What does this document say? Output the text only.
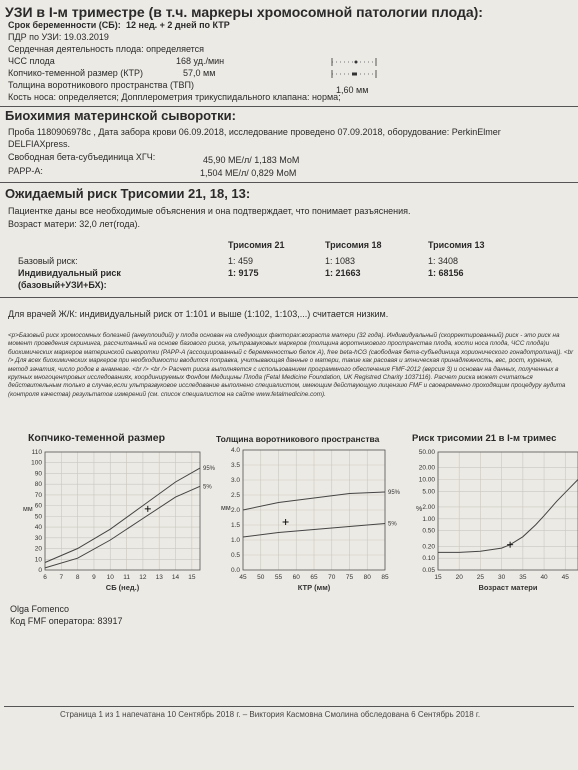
УЗИ в I-м триместре (в т.ч. маркеры хромосомной патологии плода):
Срок беременности (СБ): 12 нед. + 2 дней по КТР
ПДР по УЗИ: 19.03.2019
Сердечная деятельность плода: определяется
ЧСС плода	168 уд./мин
Копчико-теменной размер (КТР)	57,0 мм
Толщина воротникового пространства (ТВП)	1,60 мм
Кость носа: определяется; Допплерометрия трикуспидального клапана: норма;
Биохимия материнской сыворотки:
Проба 1180906978с , Дата забора крови 06.09.2018, исследование проведено 07.09.2018, оборудование: PerkinElmer
DELFIAXpress.
Свободная бета-субъединица ХГЧ:	45,90 МЕ/л/ 1,183 МоМ
PAPP-A:	1,504 МЕ/л/ 0,829 МоМ
Ожидаемый риск Трисомии 21, 18, 13:
Пациентке даны все необходимые объяснения и она подтверждает, что понимает разъяснения.
Возраст матери: 32,0 лет(года).
Трисомия 21	Трисомия 18	Трисомия 13
Базовый риск:	1: 459	1: 1083	1: 3408
Индивидуальный риск	1: 9175	1: 21663	1: 68156
(базовый+УЗИ+БХ):
Для врачей Ж/К: индивидуальный риск от 1:101 и выше (1:102, 1:103,...) считается низким.
<p>Базовый риск хромосомных болезней (анеуплоидий) у плода основан на следующих факторах:возраста матери (32 года). Индивидуальный (скорректированный) риск - это риск на момент проведения скрининга, рассчитанный на основе базового риска, ультразвуковых маркеров (толщина воротникового пространства плода, кости носа плода, ЧСС плода)и биохимических маркеров материнской сыворотки (PAPP-A (ассоциированный с беременностью белок А), free beta-hCG (свободная бета-субъединица хорионического гонадотропина)). <br /> Для всех биохимических маркеров при необходимости вводится поправка, учитывающая данные о матери, такие как расовая и этническая принадлежность, вес, рост, курение, метод зачатия, число родов в анамнезе. <br /> <br /> Расчет риска выполняется с использованием программного обеспечения FMF-2012 (версия 3) и основан на данных, полученных в крупных многоцентровых исследованиях, координируемых Фондом Медицины Плода (Fetal Medicine Foundation, UK Registred Charity 1037116). Расчет риска может считаться действительным только в случае,если ультразвуковое исследование выполнено специалистом, имеющим действующую лицензию FMF и своевременно проходящим процедуру аудита (контроля качества) результатов измерений (см. список специалистов на сайте www.fetalmedicine.com).
Копчико-теменной размер	Толщина воротникового пространства	Риск трисомии 21 в I-м тримес
110
100
90
80
70
60
50
40
30
20
10
0
6 7 8 9 10 11 12 13 14 15
СБ (нед.)
мм
95%
5%
4.0
3.5
3.0
2.5
2.0
1.5
1.0
0.5
0.0
45 50 55 60 65 70 75 80 85
КТР (мм)
мм
95%
5%
50.00
20.00
10.00
5.00
2.00
1.00
0.50
0.20
0.10
0.05
15 20 25 30 35 40 45
Возраст матери
%
Olga Fomenco
Код FMF оператора: 83917
Страница 1 из 1 напечатана 10 Сентябрь 2018 г. – Виктория Касмовна Смолина обследована 6 Сентябрь 2018 г.
